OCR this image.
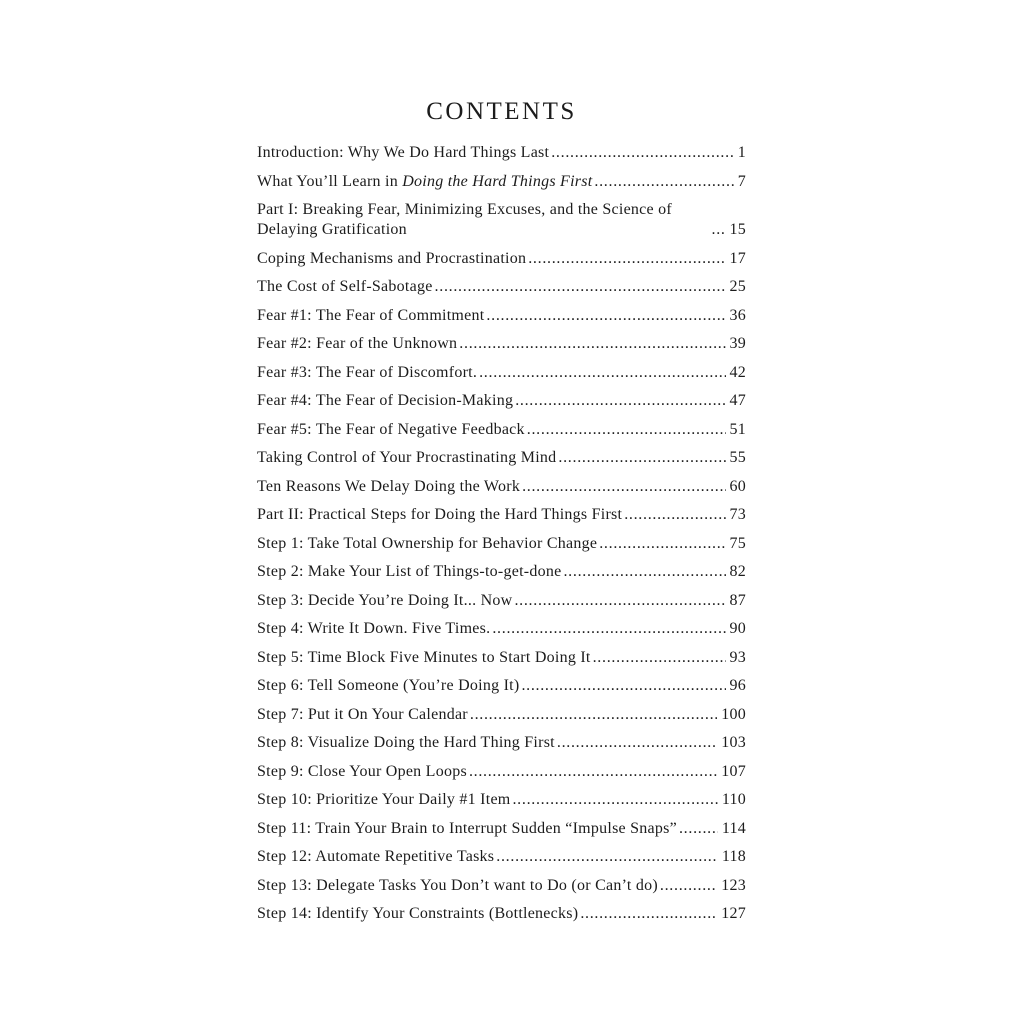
CONTENTS
Introduction: Why We Do Hard Things Last .....	1
What You’ll Learn in Doing the Hard Things First .....	7
Part I: Breaking Fear, Minimizing Excuses, and the Science of Delaying Gratification .....	15
Coping Mechanisms and Procrastination .....	17
The Cost of Self-Sabotage .....	25
Fear #1: The Fear of Commitment .....	36
Fear #2: Fear of the Unknown .....	39
Fear #3: The Fear of Discomfort. .....	42
Fear #4: The Fear of Decision-Making .....	47
Fear #5: The Fear of Negative Feedback .....	51
Taking Control of Your Procrastinating Mind .....	55
Ten Reasons We Delay Doing the Work .....	60
Part II: Practical Steps for Doing the Hard Things First .....	73
Step 1: Take Total Ownership for Behavior Change .....	75
Step 2: Make Your List of Things-to-get-done .....	82
Step 3: Decide You’re Doing It... Now .....	87
Step 4: Write It Down. Five Times. .....	90
Step 5: Time Block Five Minutes to Start Doing It .....	93
Step 6: Tell Someone (You’re Doing It) .....	96
Step 7: Put it On Your Calendar .....	100
Step 8: Visualize Doing the Hard Thing First .....	103
Step 9: Close Your Open Loops .....	107
Step 10: Prioritize Your Daily #1 Item .....	110
Step 11: Train Your Brain to Interrupt Sudden “Impulse Snaps” .....	114
Step 12: Automate Repetitive Tasks .....	118
Step 13: Delegate Tasks You Don’t want to Do (or Can’t do) .....	123
Step 14: Identify Your Constraints (Bottlenecks) .....	127
